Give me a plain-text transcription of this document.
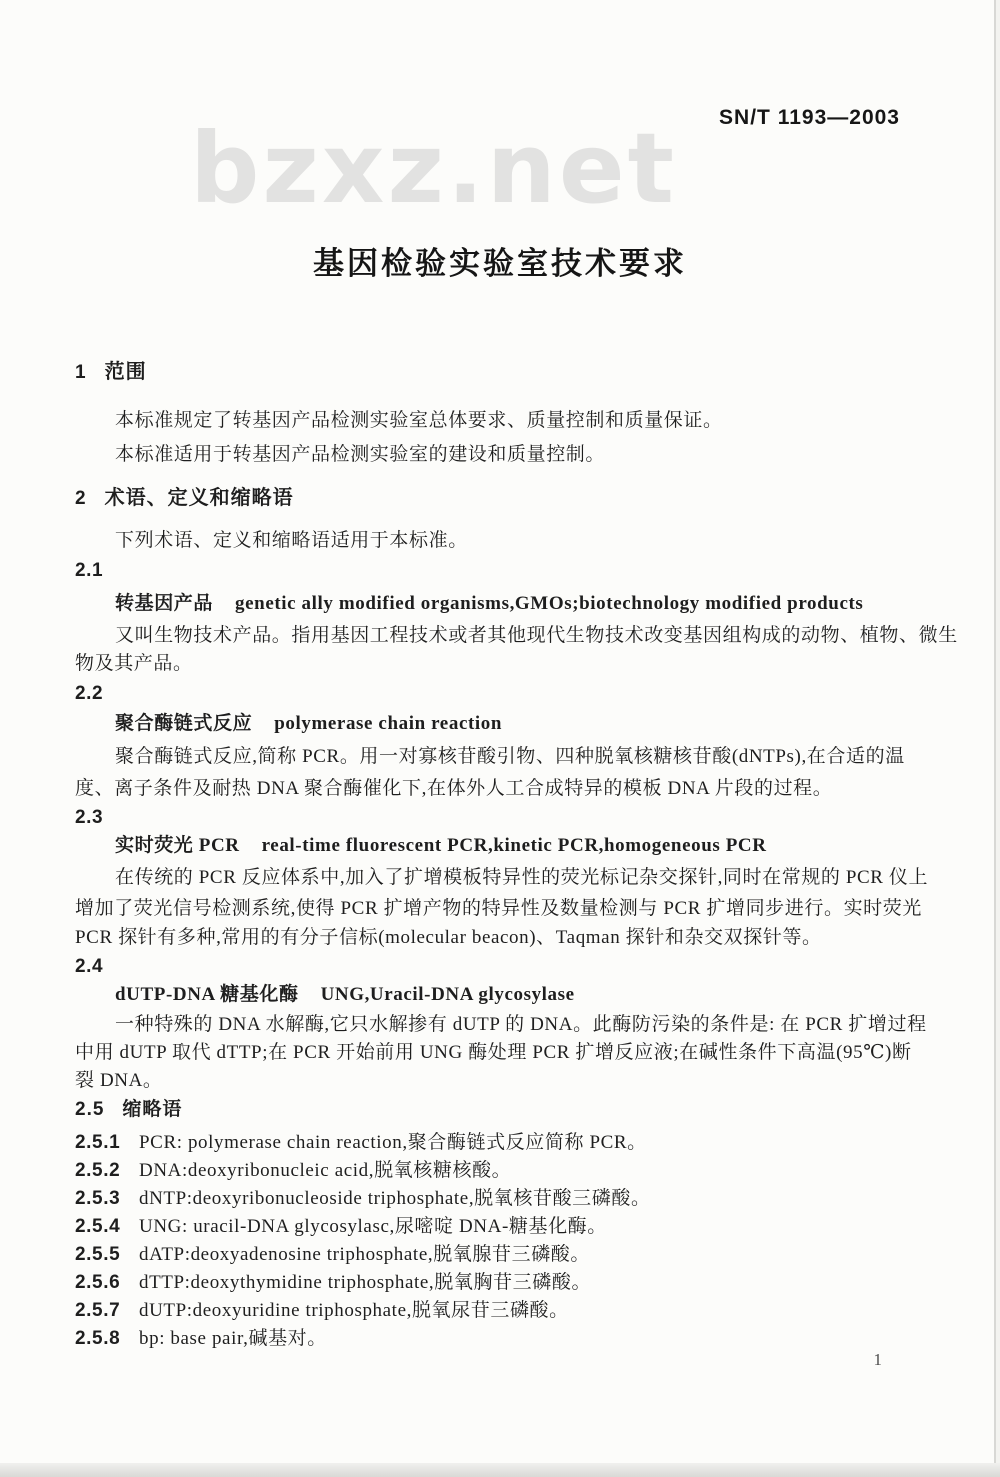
bzxz.net SN/T 1193—2003
基因检验实验室技术要求
1 范围
本标准规定了转基因产品检测实验室总体要求、质量控制和质量保证。
本标准适用于转基因产品检测实验室的建设和质量控制。
2 术语、定义和缩略语
下列术语、定义和缩略语适用于本标准。
2.1
转基因产品 genetic ally modified organisms,GMOs;biotechnology modified products
又叫生物技术产品。指用基因工程技术或者其他现代生物技术改变基因组构成的动物、植物、微生
物及其产品。
2.2
聚合酶链式反应 polymerase chain reaction
聚合酶链式反应,简称 PCR。用一对寡核苷酸引物、四种脱氧核糖核苷酸(dNTPs),在合适的温
度、离子条件及耐热 DNA 聚合酶催化下,在体外人工合成特异的模板 DNA 片段的过程。
2.3
实时荧光 PCR real-time fluorescent PCR,kinetic PCR,homogeneous PCR
在传统的 PCR 反应体系中,加入了扩增模板特异性的荧光标记杂交探针,同时在常规的 PCR 仪上
增加了荧光信号检测系统,使得 PCR 扩增产物的特异性及数量检测与 PCR 扩增同步进行。实时荧光
PCR 探针有多种,常用的有分子信标(molecular beacon)、Taqman 探针和杂交双探针等。
2.4
dUTP-DNA 糖基化酶 UNG,Uracil-DNA glycosylase
一种特殊的 DNA 水解酶,它只水解掺有 dUTP 的 DNA。此酶防污染的条件是: 在 PCR 扩增过程
中用 dUTP 取代 dTTP;在 PCR 开始前用 UNG 酶处理 PCR 扩增反应液;在碱性条件下高温(95℃)断
裂 DNA。
2.5 缩略语
2.5.1 PCR: polymerase chain reaction,聚合酶链式反应简称 PCR。
2.5.2 DNA:deoxyribonucleic acid,脱氧核糖核酸。
2.5.3 dNTP:deoxyribonucleoside triphosphate,脱氧核苷酸三磷酸。
2.5.4 UNG: uracil-DNA glycosylasc,尿嘧啶 DNA-糖基化酶。
2.5.5 dATP:deoxyadenosine triphosphate,脱氧腺苷三磷酸。
2.5.6 dTTP:deoxythymidine triphosphate,脱氧胸苷三磷酸。
2.5.7 dUTP:deoxyuridine triphosphate,脱氧尿苷三磷酸。
2.5.8 bp: base pair,碱基对。
1
